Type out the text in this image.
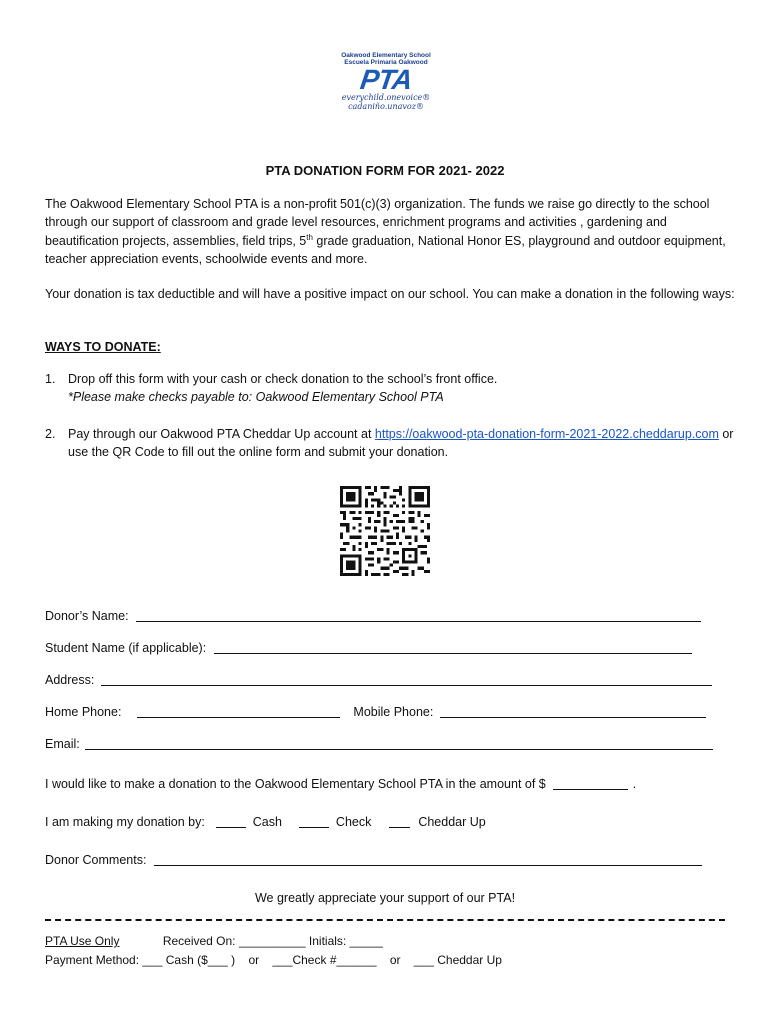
Oakwood Elementary School
Escuela Primaria Oakwood
PTA
everychild.onevoice®
cadaniño.unavoz®
PTA DONATION FORM FOR 2021- 2022
The Oakwood Elementary School PTA is a non-profit 501(c)(3) organization. The funds we raise go directly to the school through our support of classroom and grade level resources, enrichment programs and activities , gardening and beautification projects, assemblies, field trips, 5th grade graduation, National Honor ES, playground and outdoor equipment, teacher appreciation events, schoolwide events and more.
Your donation is tax deductible and will have a positive impact on our school. You can make a donation in the following ways:
WAYS TO DONATE:
1. Drop off this form with your cash or check donation to the school’s front office.
*Please make checks payable to: Oakwood Elementary School PTA
2. Pay through our Oakwood PTA Cheddar Up account at https://oakwood-pta-donation-form-2021-2022.cheddarup.com or use the QR Code to fill out the online form and submit your donation.
Donor’s Name:
Student Name (if applicable):
Address:
Home Phone:	Mobile Phone:
Email:
I would like to make a donation to the Oakwood Elementary School PTA in the amount of $	.
I am making my donation by:	Cash	Check	Cheddar Up
Donor Comments:
We greatly appreciate your support of our PTA!
PTA Use Only	Received On: __________ Initials: _____
Payment Method: ___ Cash ($___ )    or    ___Check #______    or    ___ Cheddar Up
